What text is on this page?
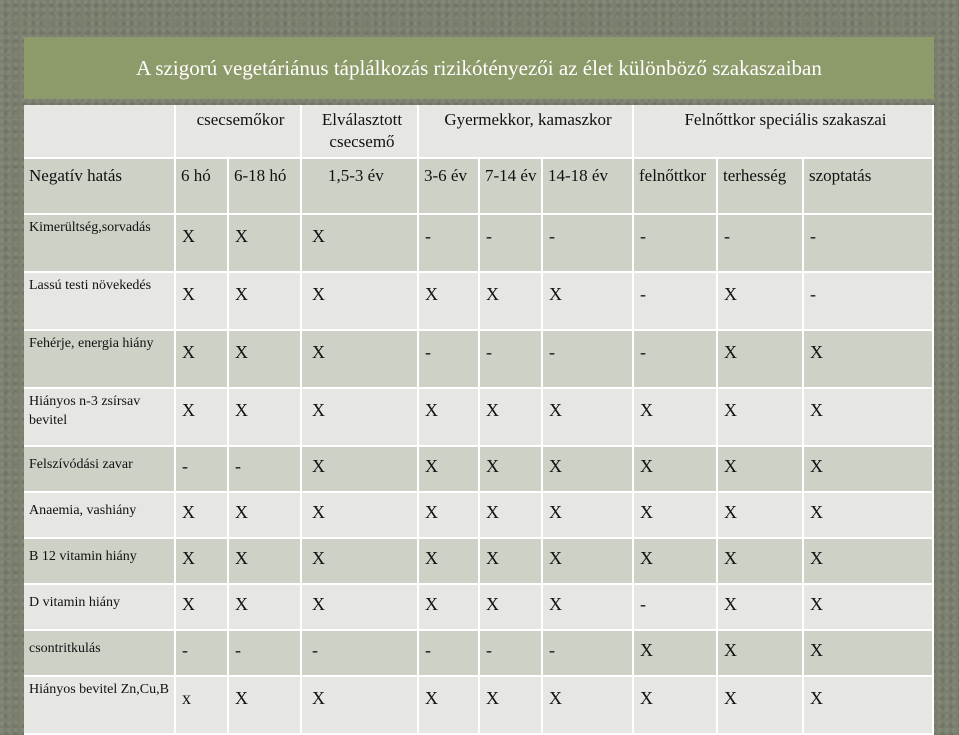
A szigorú vegetáriánus táplálkozás rizikótényezői az élet különböző szakaszaiban
	csecsemőkor		Elválasztott csecsemő	Gyermekkor, kamaszkor			Felnőttkor speciális szakaszai		
Negatív hatás	6 hó	6-18 hó	1,5-3 év	3-6 év	7-14 év	14-18 év	felnőttkor	terhesség	szoptatás
Kimerültség,sorvadás	X	X	X	-	-	-	-	-	-
Lassú testi növekedés	X	X	X	X	X	X	-	X	-
Fehérje, energia hiány	X	X	X	-	-	-	-	X	X
Hiányos n-3 zsírsav bevitel	X	X	X	X	X	X	X	X	X
Felszívódási zavar	-	-	X	X	X	X	X	X	X
Anaemia, vashiány	X	X	X	X	X	X	X	X	X
B 12 vitamin hiány	X	X	X	X	X	X	X	X	X
D vitamin hiány	X	X	X	X	X	X	-	X	X
csontritkulás	-	-	-	-	-	-	X	X	X
Hiányos bevitel Zn,Cu,B	x	X	X	X	X	X	X	X	X
